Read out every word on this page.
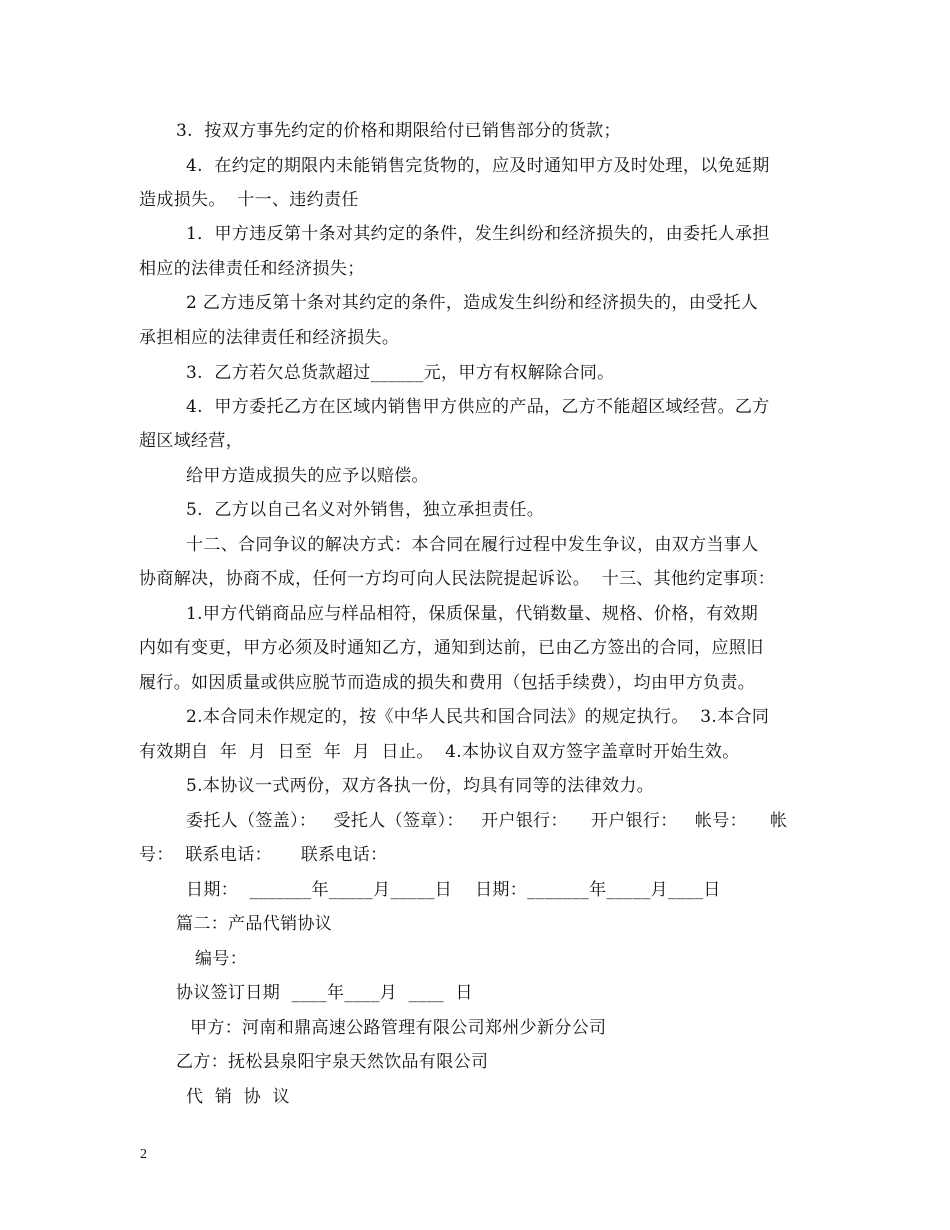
3.  按双方事先约定的价格和期限给付已销售部分的货款；
4.  在约定的期限内未能销售完货物的，应及时通知甲方及时处理，以免延期
造成损失。  十一、违约责任
1．甲方违反第十条对其约定的条件，发生纠纷和经济损失的，由委托人承担
相应的法律责任和经济损失；
2 乙方违反第十条对其约定的条件，造成发生纠纷和经济损失的，由受托人
承担相应的法律责任和经济损失。
3.  乙方若欠总货款超过______元，甲方有权解除合同。
4.  甲方委托乙方在区域内销售甲方供应的产品，乙方不能超区域经营。乙方
超区域经营，
给甲方造成损失的应予以赔偿。
5.  乙方以自己名义对外销售，独立承担责任。
十二、合同争议的解决方式：本合同在履行过程中发生争议，由双方当事人
协商解决，协商不成，任何一方均可向人民法院提起诉讼。  十三、其他约定事项：
1.甲方代销商品应与样品相符，保质保量，代销数量、规格、价格，有效期
内如有变更，甲方必须及时通知乙方，通知到达前，已由乙方签出的合同，应照旧
履行。如因质量或供应脱节而造成的损失和费用（包括手续费），均由甲方负责。
2.本合同未作规定的，按《中华人民共和国合同法》的规定执行。  3.本合同
有效期自  年  月  日至  年  月  日止。  4.本协议自双方签字盖章时开始生效。
5.本协议一式两份，双方各执一份，均具有同等的法律效力。
委托人（签盖）：   受托人（签章）：   开户银行：    开户银行：   帐号：    帐
号：  联系电话：     联系电话：
日期：  _______年_____月_____日    日期：_______年_____月____日
篇二：产品代销协议
编号：
协议签订日期  ____年____月  ____  日
甲方：河南和鼎高速公路管理有限公司郑州少新分公司
乙方：抚松县泉阳宇泉天然饮品有限公司
代  销  协  议
2
